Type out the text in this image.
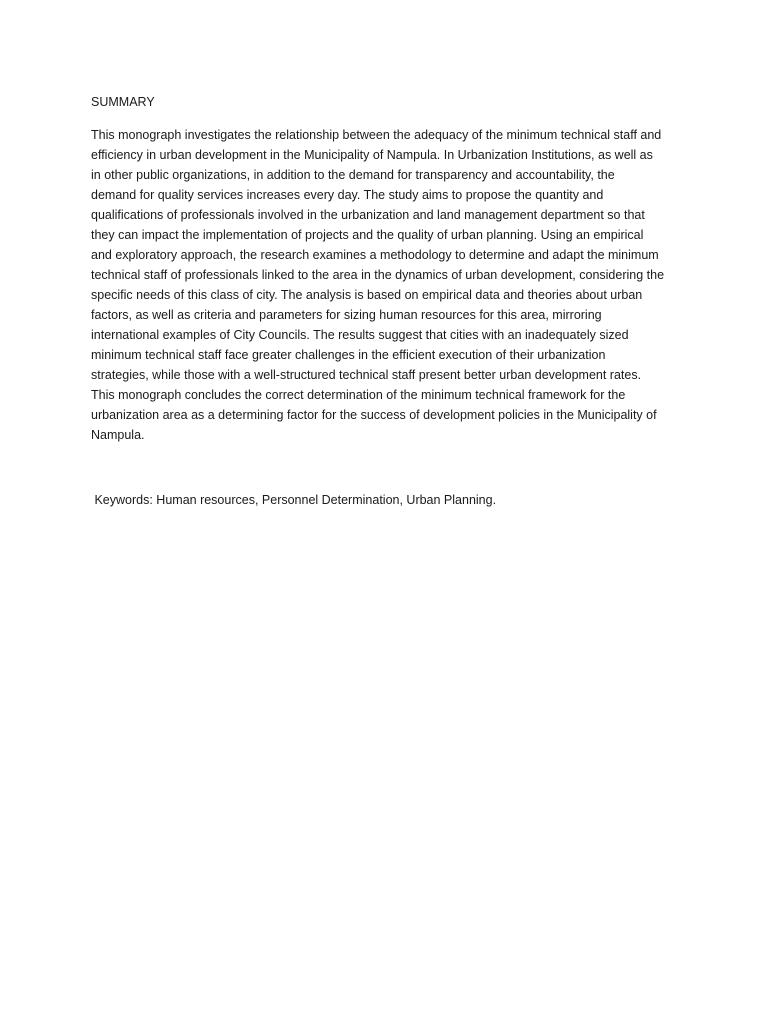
SUMMARY

This monograph investigates the relationship between the adequacy of the minimum technical staff and
efficiency in urban development in the Municipality of Nampula. In Urbanization Institutions, as well as
in other public organizations, in addition to the demand for transparency and accountability, the
demand for quality services increases every day. The study aims to propose the quantity and
qualifications of professionals involved in the urbanization and land management department so that
they can impact the implementation of projects and the quality of urban planning. Using an empirical
and exploratory approach, the research examines a methodology to determine and adapt the minimum
technical staff of professionals linked to the area in the dynamics of urban development, considering the
specific needs of this class of city. The analysis is based on empirical data and theories about urban
factors, as well as criteria and parameters for sizing human resources for this area, mirroring
international examples of City Councils. The results suggest that cities with an inadequately sized
minimum technical staff face greater challenges in the efficient execution of their urbanization
strategies, while those with a well-structured technical staff present better urban development rates.
This monograph concludes the correct determination of the minimum technical framework for the
urbanization area as a determining factor for the success of development policies in the Municipality of
Nampula.

Keywords: Human resources, Personnel Determination, Urban Planning.
